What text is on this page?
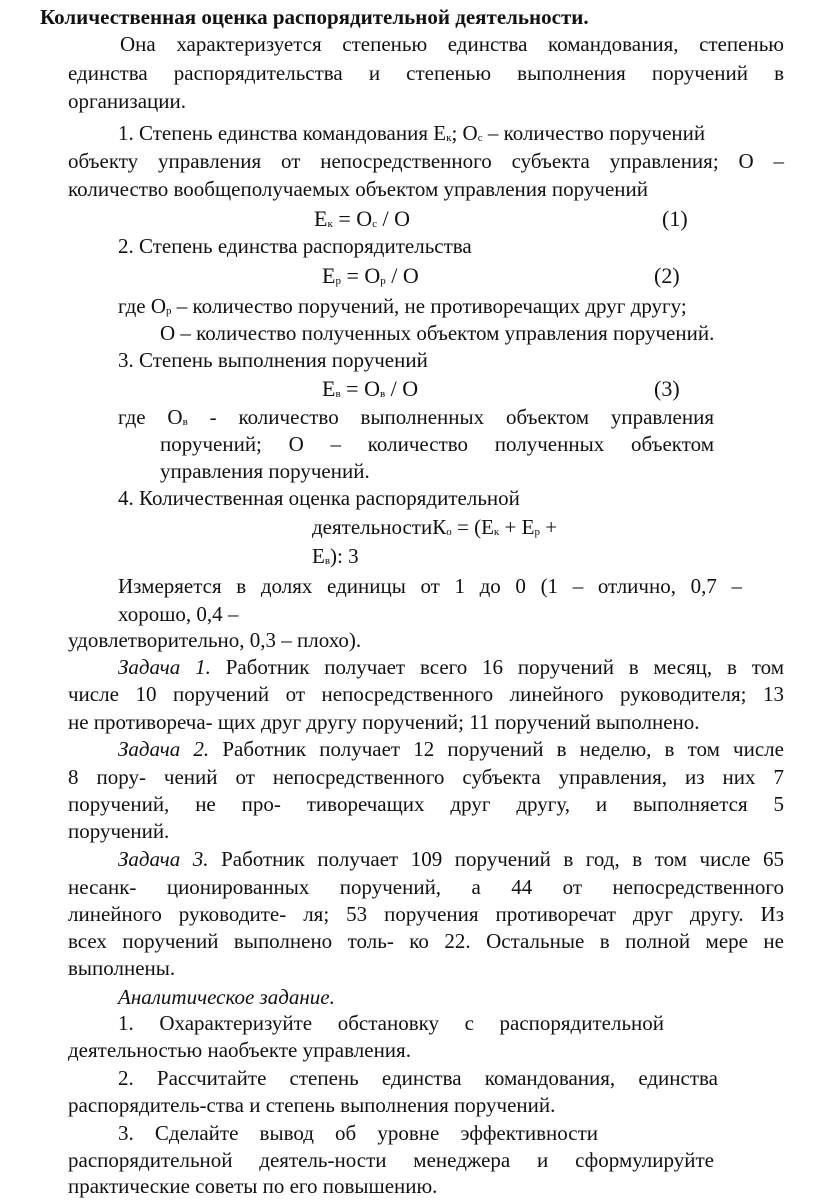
Количественная оценка распорядительной деятельности.
Она характеризуется степенью единства командования, степенью
единства распорядительства и степенью выполнения поручений в
организации.
1. Степень единства командования Ек; Ос – количество поручений
объекту управления от непосредственного субъекта управления; О –
количество вообщеполучаемых объектом управления поручений
Ек = Ос / О	(1)
2. Степень единства распорядительства
Ер = Ор / О	(2)
где Ор – количество поручений, не противоречащих друг другу;
О – количество полученных объектом управления поручений.
3. Степень выполнения поручений
Ев = Ов / О	(3)
где Ов - количество выполненных объектом управления
поручений; О – количество полученных объектом
управления поручений.
4. Количественная оценка распорядительной
деятельностиКо = (Ек + Ер +
Ев): 3
Измеряется в долях единицы от 1 до 0 (1 – отлично, 0,7 –
хорошо, 0,4 –
удовлетворительно, 0,3 – плохо).
Задача 1. Работник получает всего 16 поручений в месяц, в том
числе 10 поручений от непосредственного линейного руководителя; 13
не противореча- щих друг другу поручений; 11 поручений выполнено.
Задача 2. Работник получает 12 поручений в неделю, в том числе
8 пору- чений от непосредственного субъекта управления, из них 7
поручений, не про- тиворечащих друг другу, и выполняется 5
поручений.
Задача 3. Работник получает 109 поручений в год, в том числе 65
несанк- ционированных поручений, а 44 от непосредственного
линейного руководите- ля; 53 поручения противоречат друг другу. Из
всех поручений выполнено толь- ко 22. Остальные в полной мере не
выполнены.
Аналитическое задание.
1. Охарактеризуйте обстановку с распорядительной
деятельностью наобъекте управления.
2. Рассчитайте степень единства командования, единства
распорядитель-ства и степень выполнения поручений.
3. Сделайте вывод об уровне эффективности
распорядительной деятель-ности менеджера и сформулируйте
практические советы по его повышению.
